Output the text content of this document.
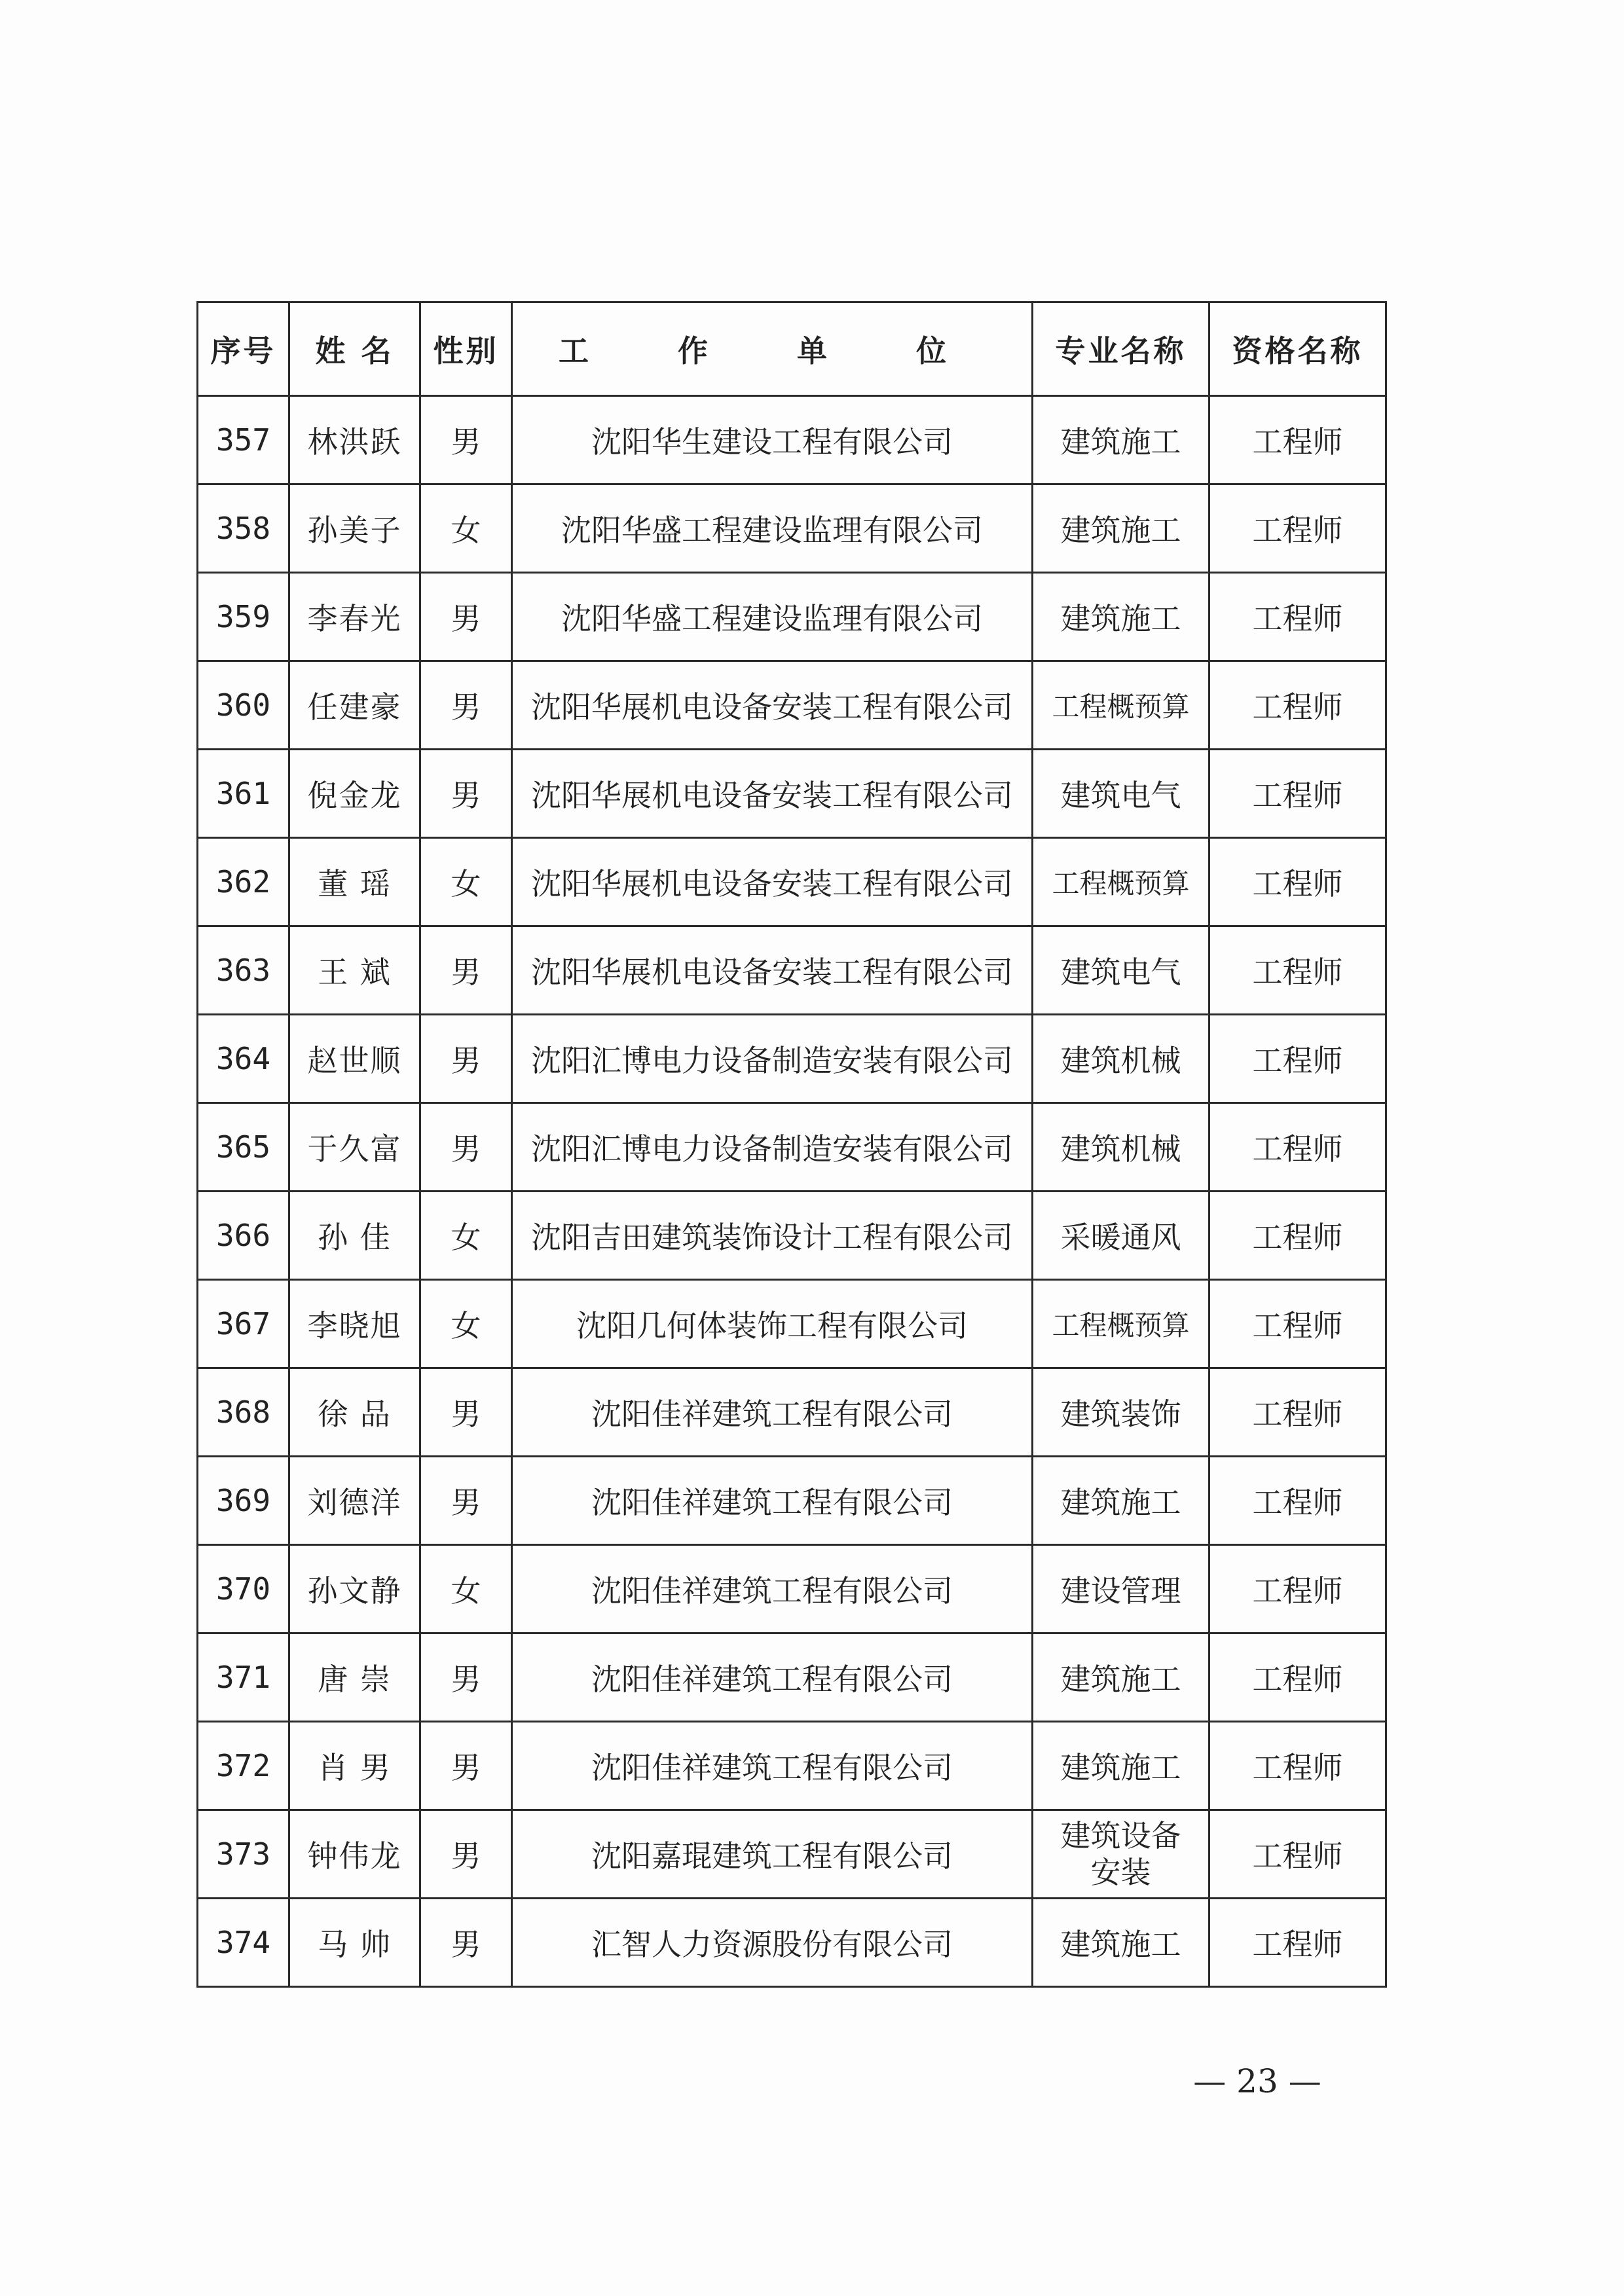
序号	姓 名	性别	工 作 单 位	专业名称	资格名称
357	林洪跃	男	沈阳华生建设工程有限公司	建筑施工	工程师
358	孙美子	女	沈阳华盛工程建设监理有限公司	建筑施工	工程师
359	李春光	男	沈阳华盛工程建设监理有限公司	建筑施工	工程师
360	任建豪	男	沈阳华展机电设备安装工程有限公司	工程概预算	工程师
361	倪金龙	男	沈阳华展机电设备安装工程有限公司	建筑电气	工程师
362	董 瑶	女	沈阳华展机电设备安装工程有限公司	工程概预算	工程师
363	王 斌	男	沈阳华展机电设备安装工程有限公司	建筑电气	工程师
364	赵世顺	男	沈阳汇博电力设备制造安装有限公司	建筑机械	工程师
365	于久富	男	沈阳汇博电力设备制造安装有限公司	建筑机械	工程师
366	孙 佳	女	沈阳吉田建筑装饰设计工程有限公司	采暖通风	工程师
367	李晓旭	女	沈阳几何体装饰工程有限公司	工程概预算	工程师
368	徐 品	男	沈阳佳祥建筑工程有限公司	建筑装饰	工程师
369	刘德洋	男	沈阳佳祥建筑工程有限公司	建筑施工	工程师
370	孙文静	女	沈阳佳祥建筑工程有限公司	建设管理	工程师
371	唐 崇	男	沈阳佳祥建筑工程有限公司	建筑施工	工程师
372	肖 男	男	沈阳佳祥建筑工程有限公司	建筑施工	工程师
373	钟伟龙	男	沈阳嘉琨建筑工程有限公司	建筑设备安装	工程师
374	马 帅	男	汇智人力资源股份有限公司	建筑施工	工程师
— 23 —
